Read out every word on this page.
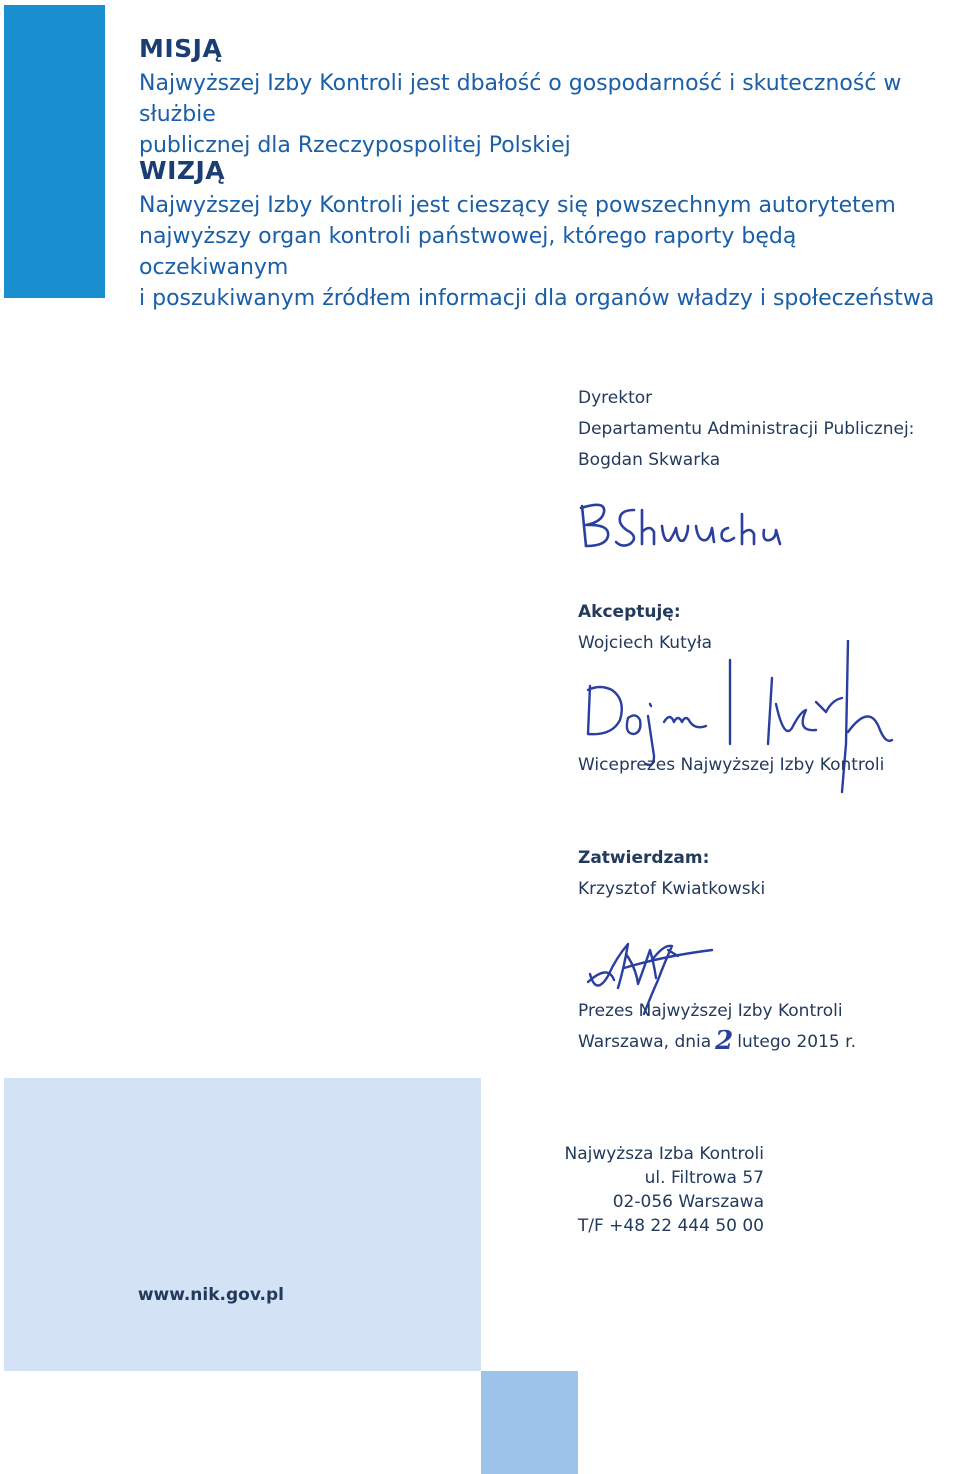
MISJĄ
Najwyższej Izby Kontroli jest dbałość o gospodarność i skuteczność w służbie
publicznej dla Rzeczypospolitej Polskiej
WIZJĄ
Najwyższej Izby Kontroli jest cieszący się powszechnym autorytetem
najwyższy organ kontroli państwowej, którego raporty będą oczekiwanym
i poszukiwanym źródłem informacji dla organów władzy i społeczeństwa
Dyrektor
Departamentu Administracji Publicznej:
Bogdan Skwarka
Akceptuję:
Wojciech Kutyła
Wiceprezes Najwyższej Izby Kontroli
Zatwierdzam:
Krzysztof Kwiatkowski
Prezes Najwyższej Izby Kontroli
Warszawa, dnia 2 lutego 2015 r.
Najwyższa Izba Kontroli
ul. Filtrowa 57
02-056 Warszawa
T/F +48 22 444 50 00
www.nik.gov.pl
